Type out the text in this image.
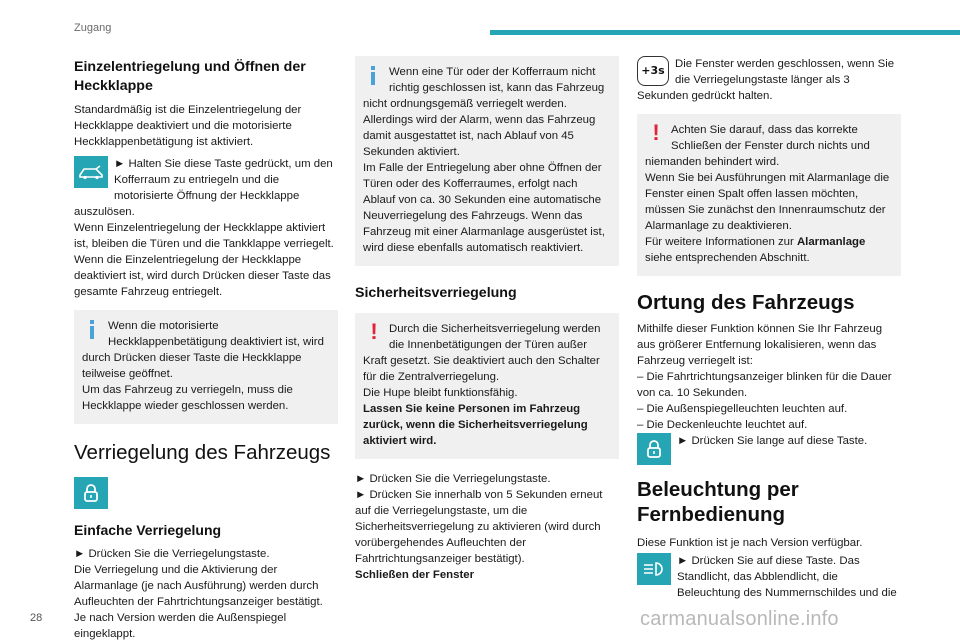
Zugang
Einzelentriegelung und Öffnen der Heckklappe
Standardmäßig ist die Einzelentriegelung der Heckklappe deaktiviert und die motorisierte Heckklappenbetätigung ist aktiviert.
► Halten Sie diese Taste gedrückt, um den Kofferraum zu entriegeln und die motorisierte Öffnung der Heckklappe auszulösen.
Wenn Einzelentriegelung der Heckklappe aktiviert ist, bleiben die Türen und die Tankklappe verriegelt.
Wenn die Einzelentriegelung der Heckklappe deaktiviert ist, wird durch Drücken dieser Taste das gesamte Fahrzeug entriegelt.
Wenn die motorisierte Heckklappenbetätigung deaktiviert ist, wird durch Drücken dieser Taste die Heckklappe teilweise geöffnet.
Um das Fahrzeug zu verriegeln, muss die Heckklappe wieder geschlossen werden.
Verriegelung des Fahrzeugs
Einfache Verriegelung
► Drücken Sie die Verriegelungstaste.
Die Verriegelung und die Aktivierung der Alarmanlage (je nach Ausführung) werden durch Aufleuchten der Fahrtrichtungsanzeiger bestätigt.
Je nach Version werden die Außenspiegel eingeklappt.
Wenn eine Tür oder der Kofferraum nicht richtig geschlossen ist, kann das Fahrzeug nicht ordnungsgemäß verriegelt werden.
Allerdings wird der Alarm, wenn das Fahrzeug damit ausgestattet ist, nach Ablauf von 45 Sekunden aktiviert.
Im Falle der Entriegelung aber ohne Öffnen der Türen oder des Kofferraumes, erfolgt nach Ablauf von ca. 30 Sekunden eine automatische Neuverriegelung des Fahrzeugs. Wenn das Fahrzeug mit einer Alarmanlage ausgerüstet ist, wird diese ebenfalls automatisch reaktiviert.
Sicherheitsverriegelung
! Durch die Sicherheitsverriegelung werden die Innenbetätigungen der Türen außer Kraft gesetzt. Sie deaktiviert auch den Schalter für die Zentralverriegelung.
Die Hupe bleibt funktionsfähig.
Lassen Sie keine Personen im Fahrzeug zurück, wenn die Sicherheitsverriegelung aktiviert wird.
► Drücken Sie die Verriegelungstaste.
► Drücken Sie innerhalb von 5 Sekunden erneut auf die Verriegelungstaste, um die Sicherheitsverriegelung zu aktivieren (wird durch vorübergehendes Aufleuchten der Fahrtrichtungsanzeiger bestätigt).
Schließen der Fenster
+3s Die Fenster werden geschlossen, wenn Sie die Verriegelungstaste länger als 3 Sekunden gedrückt halten.
! Achten Sie darauf, dass das korrekte Schließen der Fenster durch nichts und niemanden behindert wird.
Wenn Sie bei Ausführungen mit Alarmanlage die Fenster einen Spalt offen lassen möchten, müssen Sie zunächst den Innenraumschutz der Alarmanlage zu deaktivieren.
Für weitere Informationen zur Alarmanlage siehe entsprechenden Abschnitt.
Ortung des Fahrzeugs
Mithilfe dieser Funktion können Sie Ihr Fahrzeug aus größerer Entfernung lokalisieren, wenn das Fahrzeug verriegelt ist:
– Die Fahrtrichtungsanzeiger blinken für die Dauer von ca. 10 Sekunden.
– Die Außenspiegelleuchten leuchten auf.
– Die Deckenleuchte leuchtet auf.
► Drücken Sie lange auf diese Taste.
Beleuchtung per Fernbedienung
Diese Funktion ist je nach Version verfügbar.
► Drücken Sie auf diese Taste. Das Standlicht, das Abblendlicht, die Beleuchtung des Nummernschildes und die
28	carmanualsonline.info
